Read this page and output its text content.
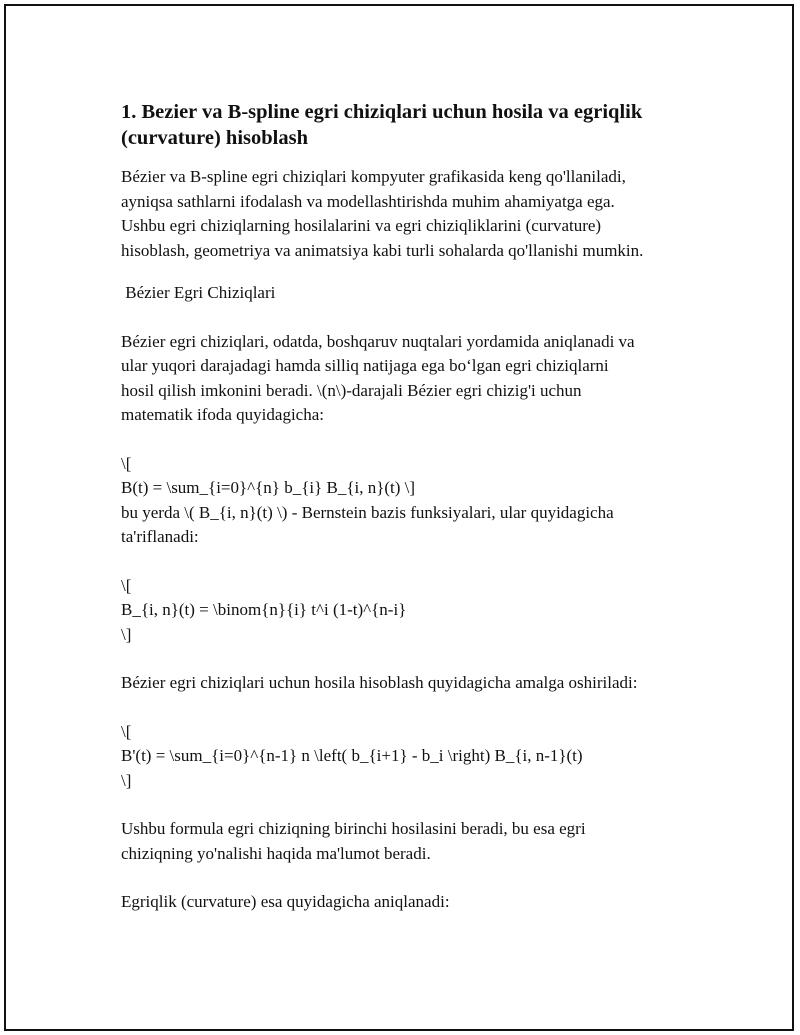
1. Bezier va B-spline egri chiziqlari uchun hosila va egriqlik
(curvature) hisoblash

Bézier va B-spline egri chiziqlari kompyuter grafikasida keng qo'llaniladi,
ayniqsa sathlarni ifodalash va modellashtirishda muhim ahamiyatga ega.
Ushbu egri chiziqlarning hosilalarini va egri chiziqliklarini (curvature)
hisoblash, geometriya va animatsiya kabi turli sohalarda qo'llanishi mumkin.

Bézier Egri Chiziqlari

Bézier egri chiziqlari, odatda, boshqaruv nuqtalari yordamida aniqlanadi va
ular yuqori darajadagi hamda silliq natijaga ega bo‘lgan egri chiziqlarni
hosil qilish imkonini beradi. \(n\)-darajali Bézier egri chizig'i uchun
matematik ifoda quyidagicha:

\[
B(t) = \sum_{i=0}^{n} b_{i} B_{i, n}(t) \]
bu yerda \( B_{i, n}(t) \) - Bernstein bazis funksiyalari, ular quyidagicha
ta'riflanadi:

\[
B_{i, n}(t) = \binom{n}{i} t^i (1-t)^{n-i}
\]

Bézier egri chiziqlari uchun hosila hisoblash quyidagicha amalga oshiriladi:

\[
B'(t) = \sum_{i=0}^{n-1} n \left( b_{i+1} - b_i \right) B_{i, n-1}(t)
\]

Ushbu formula egri chiziqning birinchi hosilasini beradi, bu esa egri
chiziqning yo'nalishi haqida ma'lumot beradi.

Egriqlik (curvature) esa quyidagicha aniqlanadi:
